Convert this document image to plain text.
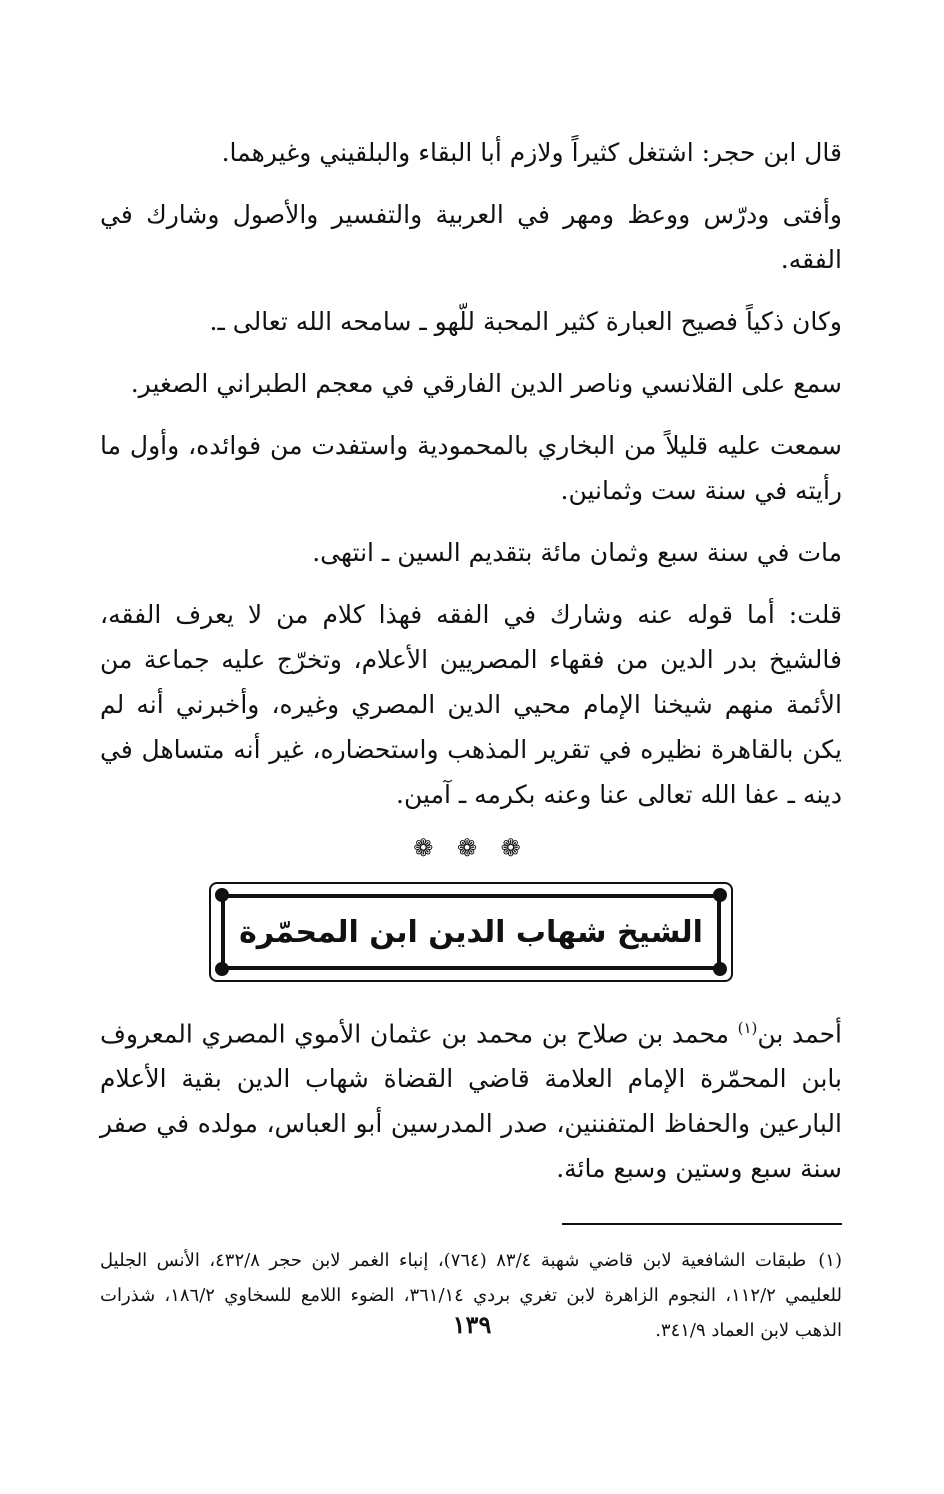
قال ابن حجر: اشتغل كثيراً ولازم أبا البقاء والبلقيني وغيرهما.

وأفتى ودرّس ووعظ ومهر في العربية والتفسير والأصول وشارك في الفقه.

وكان ذكياً فصيح العبارة كثير المحبة للّهو ـ سامحه الله تعالى ـ.

سمع على القلانسي وناصر الدين الفارقي في معجم الطبراني الصغير.

سمعت عليه قليلاً من البخاري بالمحمودية واستفدت من فوائده، وأول ما رأيته في سنة ست وثمانين.

مات في سنة سبع وثمان مائة بتقديم السين ـ انتهى.

قلت: أما قوله عنه وشارك في الفقه فهذا كلام من لا يعرف الفقه، فالشيخ بدر الدين من فقهاء المصريين الأعلام، وتخرّج عليه جماعة من الأئمة منهم شيخنا الإمام محيي الدين المصري وغيره، وأخبرني أنه لم يكن بالقاهرة نظيره في تقرير المذهب واستحضاره، غير أنه متساهل في دينه ـ عفا الله تعالى عنا وعنه بكرمه ـ آمين.

❁ ❁ ❁
الشيخ شهاب الدين ابن المحمّرة

أحمد بن$^{(١)}$ محمد بن صلاح بن محمد بن عثمان الأموي المصري المعروف بابن المحمّرة الإمام العلامة قاضي القضاة شهاب الدين بقية الأعلام البارعين والحفاظ المتفننين، صدر المدرسين أبو العباس، مولده في صفر سنة سبع وستين وسبع مائة.

(١)طبقات الشافعية لابن قاضي شهبة ٨٣/٤ (٧٦٤)، إنباء الغمر لابن حجر ٤٣٢/٨، الأنس الجليل للعليمي ١١٢/٢، النجوم الزاهرة لابن تغري بردي ٣٦١/١٤، الضوء اللامع للسخاوي ١٨٦/٢، شذرات الذهب لابن العماد ٣٤١/٩.

١٣٩
